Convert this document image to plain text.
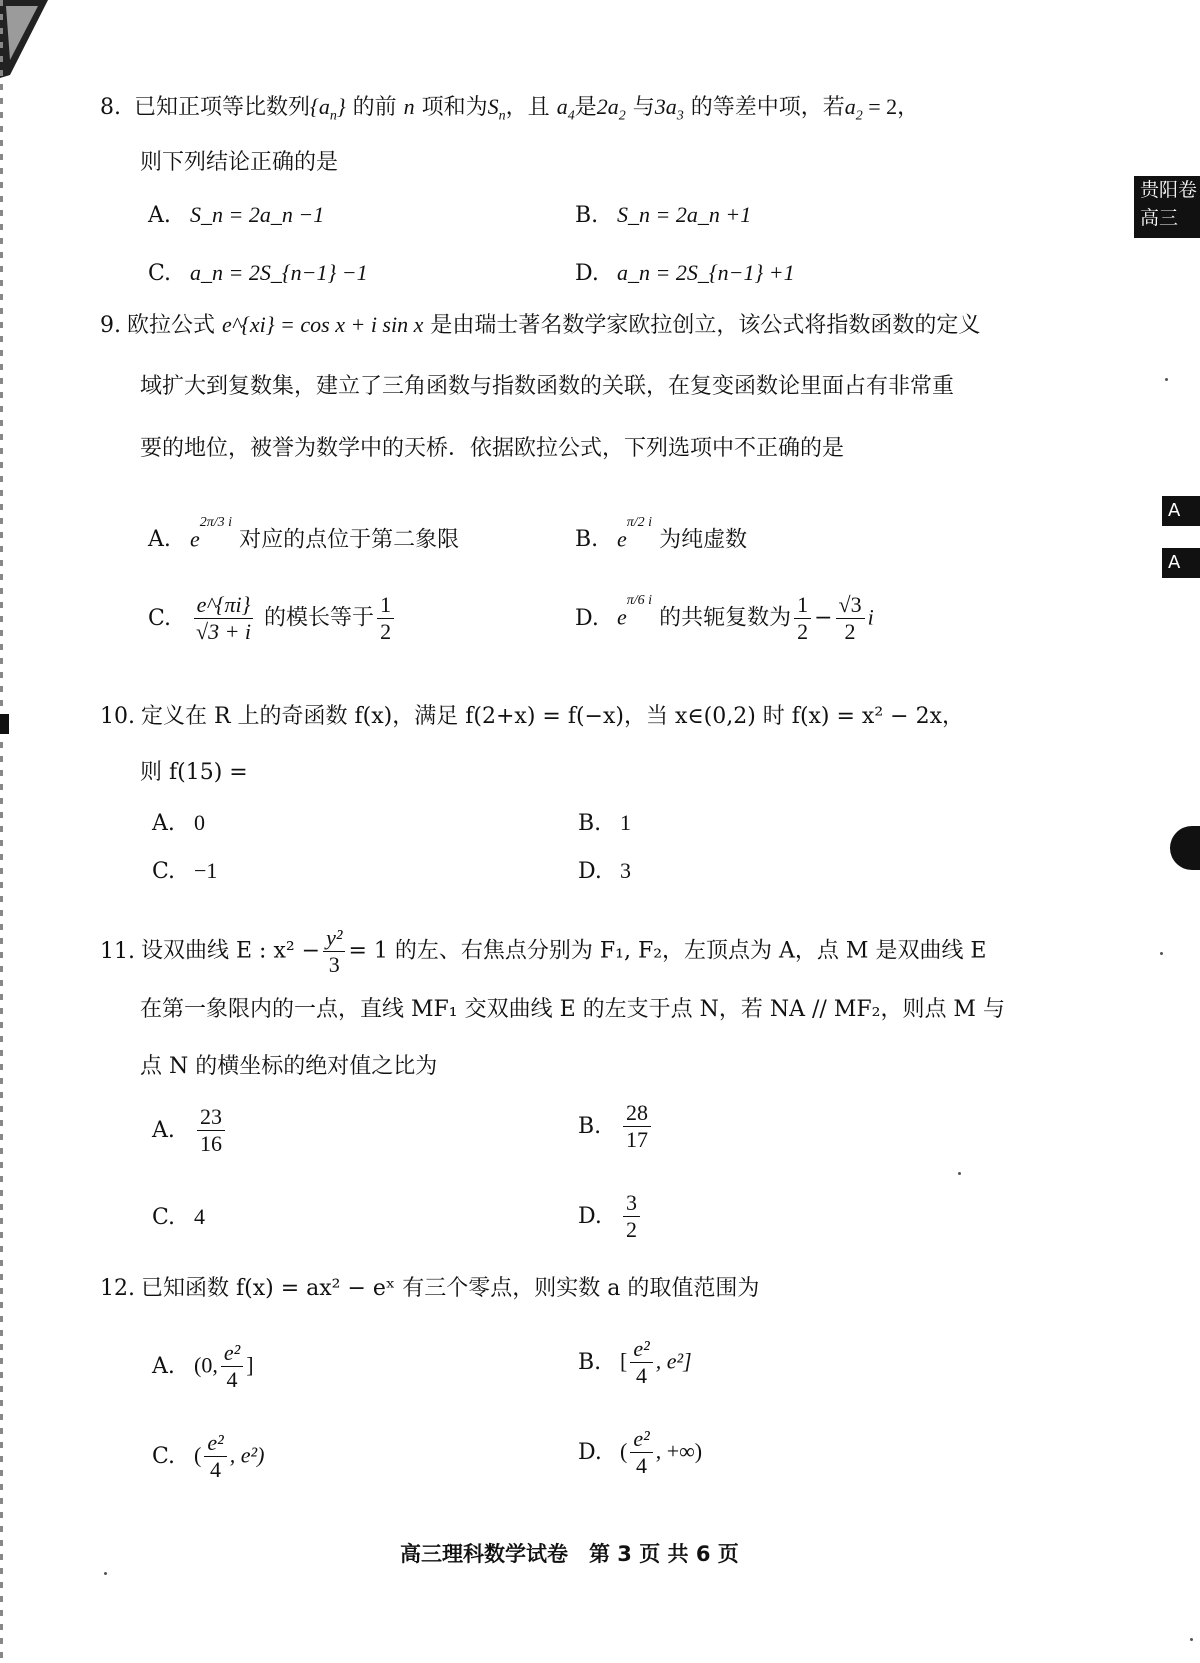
8. 已知正项等比数列$\{a_n\}$ 的前 n 项和为$S_n$，且 $a_4$是$2a_2$ 与$3a_3$ 的等差中项，若$a_2 = 2$，
则下列结论正确的是
A. S_n = 2a_n −1	B. S_n = 2a_n +1
C. a_n = 2S_{n−1} −1	D. a_n = 2S_{n−1} +1
9. 欧拉公式 e^{xi} = cos x + i sin x 是由瑞士著名数学家欧拉创立，该公式将指数函数的定义
域扩大到复数集，建立了三角函数与指数函数的关联，在复变函数论里面占有非常重
要的地位，被誉为数学中的天桥．依据欧拉公式，下列选项中不正确的是
A. $e^{2\pi/3 i}$ 对应的点位于第二象限	B. $e^{\pi/2 i}$ 为纯虚数
C. $\frac{e\^{}\{\pi i\}}{√3 + i}$ 的模长等于 $\frac{1}{2}$	D. $e^{\pi/6 i}$ 的共轭复数为 $\frac{1}{2} - \frac{√3}{2}$ i
10. 定义在 R 上的奇函数 f(x)，满足 f(2+x) = f(−x)，当 x∈(0,2) 时 f(x) = x² − 2x，
则 f(15) =
A. 0	B. 1
C. −1	D. 3
11. 设双曲线 E : $x^2 - \frac{\text{y²}}{3} = 1$ 的左、右焦点分别为 F₁, F₂，左顶点为 A，点 M 是双曲线 E
在第一象限内的一点，直线 MF₁ 交双曲线 E 的左支于点 N，若 NA // MF₂，则点 M 与
点 N 的横坐标的绝对值之比为
A. $\frac{23}{16}$	B. $\frac{28}{17}$
C. 4	D. $\frac{3}{2}$
12. 已知函数 f(x) = ax² − eˣ 有三个零点，则实数 a 的取值范围为
A. (0, $\frac{\text{e²}}{4}$ ]	B. [ $\frac{\text{e²}}{4}$ , e²]
C. ( $\frac{\text{e²}}{4}$ , e²)	D. ( $\frac{\text{e²}}{4}$ , +∞)
贵阳卷
高三
A
A
高三理科数学试卷　第 3 页 共 6 页
